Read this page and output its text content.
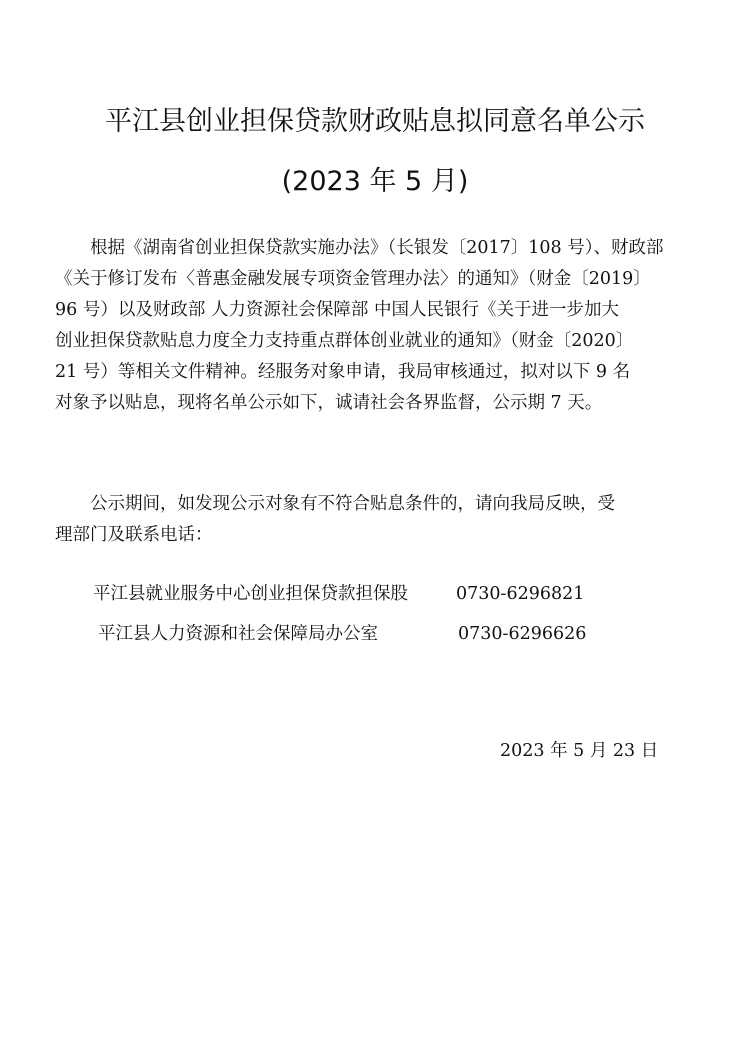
平江县创业担保贷款财政贴息拟同意名单公示
(2023 年 5 月)
　　根据《湖南省创业担保贷款实施办法》（长银发〔2017〕108 号）、财政部
《关于修订发布〈普惠金融发展专项资金管理办法〉的通知》（财金〔2019〕
96 号）以及财政部 人力资源社会保障部 中国人民银行《关于进一步加大
创业担保贷款贴息力度全力支持重点群体创业就业的通知》（财金〔2020〕
21 号）等相关文件精神。经服务对象申请，我局审核通过，拟对以下 9 名
对象予以贴息，现将名单公示如下，诚请社会各界监督，公示期 7 天。
　　公示期间，如发现公示对象有不符合贴息条件的，请向我局反映，受
理部门及联系电话：
平江县就业服务中心创业担保贷款担保股	0730-6296821
平江县人力资源和社会保障局办公室	0730-6296626
2023 年 5 月 23 日
